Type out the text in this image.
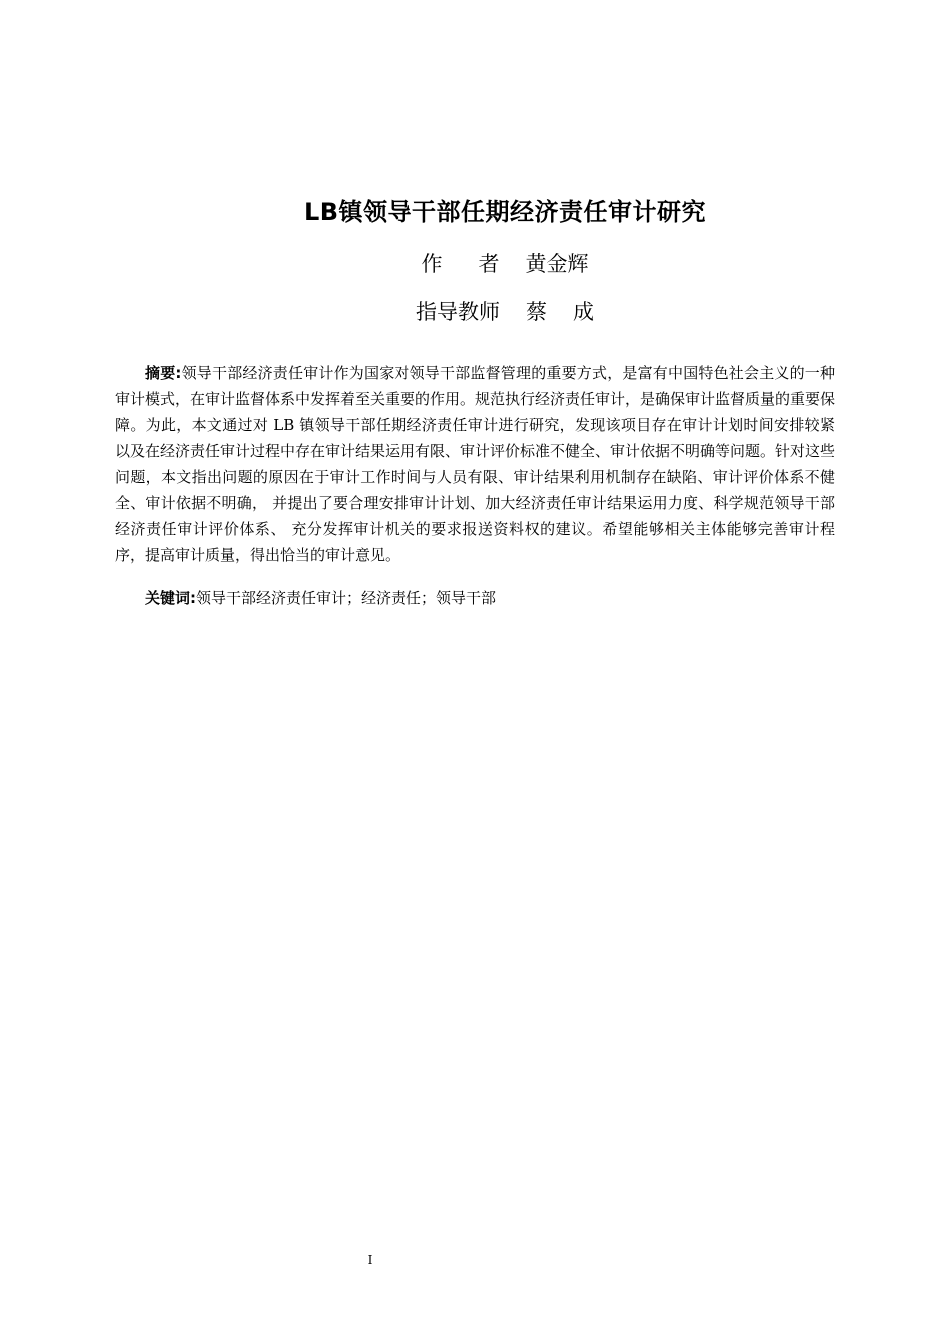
LB镇领导干部任期经济责任审计研究
作 者 黄金辉
指导教师 蔡 成

摘要:领导干部经济责任审计作为国家对领导干部监督管理的重要方式，是富有中国特色社会主义的一种审计模式，在审计监督体系中发挥着至关重要的作用。规范执行经济责任审计，是确保审计监督质量的重要保障。为此，本文通过对 LB 镇领导干部任期经济责任审计进行研究，发现该项目存在审计计划时间安排较紧以及在经济责任审计过程中存在审计结果运用有限、审计评价标准不健全、审计依据不明确等问题。针对这些问题，本文指出问题的原因在于审计工作时间与人员有限、审计结果利用机制存在缺陷、审计评价体系不健全、审计依据不明确， 并提出了要合理安排审计计划、加大经济责任审计结果运用力度、科学规范领导干部经济责任审计评价体系、 充分发挥审计机关的要求报送资料权的建议。希望能够相关主体能够完善审计程序，提高审计质量，得出恰当的审计意见。

关键词:领导干部经济责任审计；经济责任；领导干部

I
